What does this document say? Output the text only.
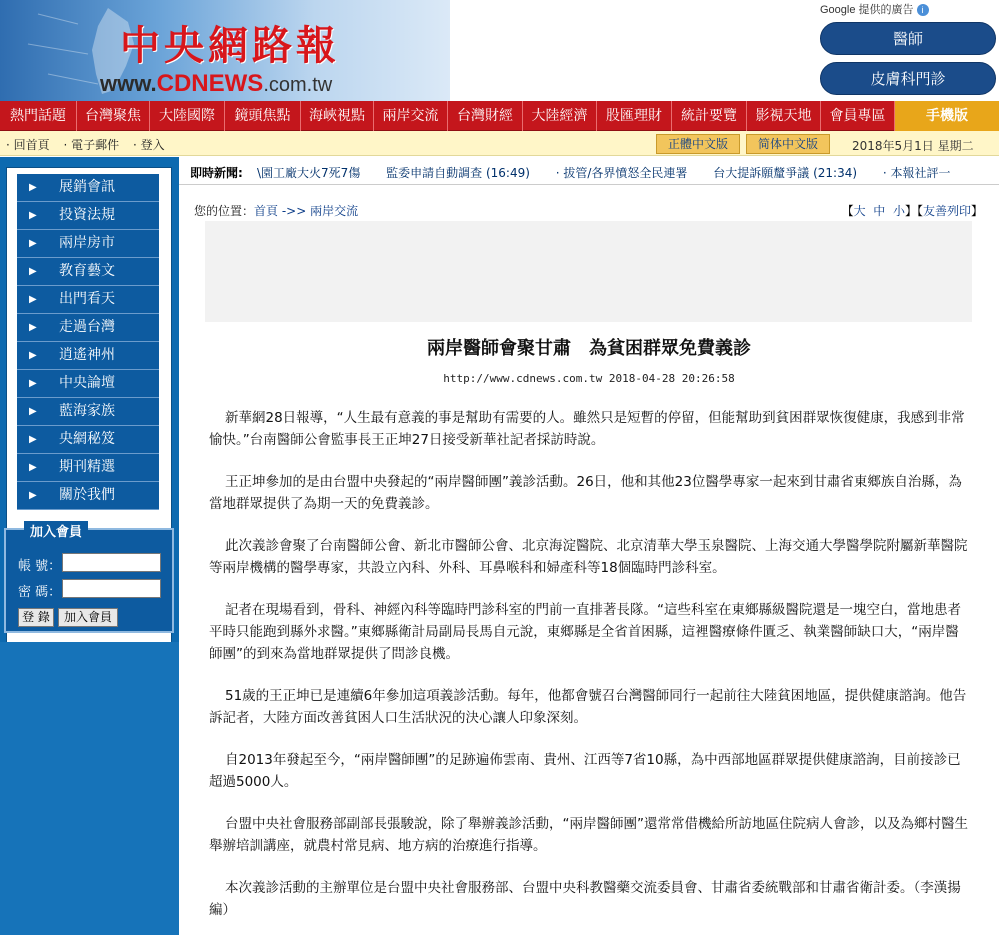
中央網路報
www.CDNEWS.com.tw
Google 提供的廣告 i
醫師
皮膚科門診
熱門話題	台灣聚焦	大陸國際	鏡頭焦點	海峽視點	兩岸交流	台灣財經	大陸經濟	股匯理財	統計要覽	影視天地	會員專區	手機版
· 回首頁 · 電子郵件 · 登入	正體中文版	简体中文版	2018年5月1日 星期二
▶ 展銷會訊
▶ 投資法規
▶ 兩岸房市
▶ 教育藝文
▶ 出門看天
▶ 走過台灣
▶ 逍遙神州
▶ 中央論壇
▶ 藍海家族
▶ 央網秘笈
▶ 期刊精選
▶ 關於我們
加入會員
帳 號：
密 碼：
登 錄	加入會員
即時新聞: \園工廠大火7死7傷 監委申請自動調查 (16:49) · 拔管/各界憤怒全民連署 台大提訴願釐爭議 (21:34) · 本報社評一
您的位置：首頁 ->> 兩岸交流	【大 中 小】【友善列印】
兩岸醫師會聚甘肅　為貧困群眾免費義診
http://www.cdnews.com.tw 2018-04-28 20:26:58

新華網28日報導，“人生最有意義的事是幫助有需要的人。雖然只是短暫的停留，但能幫助到貧困群眾恢復健康，我感到非常愉快。”台南醫師公會監事長王正坤27日接受新華社記者採訪時說。

王正坤參加的是由台盟中央發起的“兩岸醫師團”義診活動。26日，他和其他23位醫學專家一起來到甘肅省東鄉族自治縣，為當地群眾提供了為期一天的免費義診。

此次義診會聚了台南醫師公會、新北市醫師公會、北京海淀醫院、北京清華大學玉泉醫院、上海交通大學醫學院附屬新華醫院等兩岸機構的醫學專家，共設立內科、外科、耳鼻喉科和婦產科等18個臨時門診科室。

記者在現場看到，骨科、神經內科等臨時門診科室的門前一直排著長隊。“這些科室在東鄉縣級醫院還是一塊空白，當地患者平時只能跑到縣外求醫。”東鄉縣衛計局副局長馬自元說，東鄉縣是全省首困縣，這裡醫療條件匱乏、執業醫師缺口大，“兩岸醫師團”的到來為當地群眾提供了問診良機。

51歲的王正坤已是連續6年參加這項義診活動。每年，他都會號召台灣醫師同行一起前往大陸貧困地區，提供健康諮詢。他告訴記者，大陸方面改善貧困人口生活狀況的決心讓人印象深刻。

自2013年發起至今，“兩岸醫師團”的足跡遍佈雲南、貴州、江西等7省10縣，為中西部地區群眾提供健康諮詢，目前接診已超過5000人。

台盟中央社會服務部副部長張駿說，除了舉辦義診活動，“兩岸醫師團”還常常借機給所訪地區住院病人會診，以及為鄉村醫生舉辦培訓講座，就農村常見病、地方病的治療進行指導。

本次義診活動的主辦單位是台盟中央社會服務部、台盟中央科教醫藥交流委員會、甘肅省委統戰部和甘肅省衛計委。（李漢揚編）
